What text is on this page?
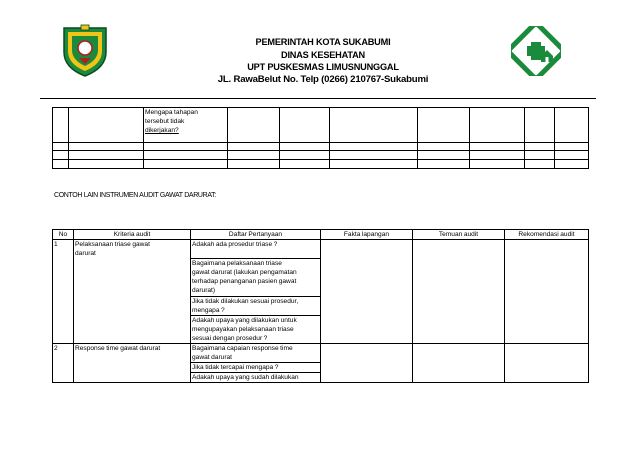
PEMERINTAH KOTA SUKABUMI
DINAS KESEHATAN
UPT PUSKESMAS LIMUSNUNGGAL
JL. RawaBelut No. Telp (0266) 210767-Sukabumi

		Mengapa tahapan
tersebut tidak
dikerjakan?							

CONTOH LAIN INSTRUMEN AUDIT GAWAT DARURAT:
No	Kriteria audit	Daftar Pertanyaan	Fakta lapangan	Temuan audit	Rekomendasi audit
1	Pelaksanaan triase gawat
darurat	Adakah ada prosedur triase ?			

		Bagaimana pelaksanaan triase
gawat darurat (lakukan pengamatan
terhadap penanganan pasien gawat
darurat)			

		Jika tidak dilakukan sesuai prosedur,
mengapa ?			

		Adakah upaya yang dilakukan untuk
mengupayakan pelaksanaan triase
sesuai dengan prosedur ?			

2	Response time gawat darurat	Bagaimana capaian response time
gawat darurat			

		Jika tidak tercapai mengapa ?			

		Adakah upaya yang sudah dilakukan			
